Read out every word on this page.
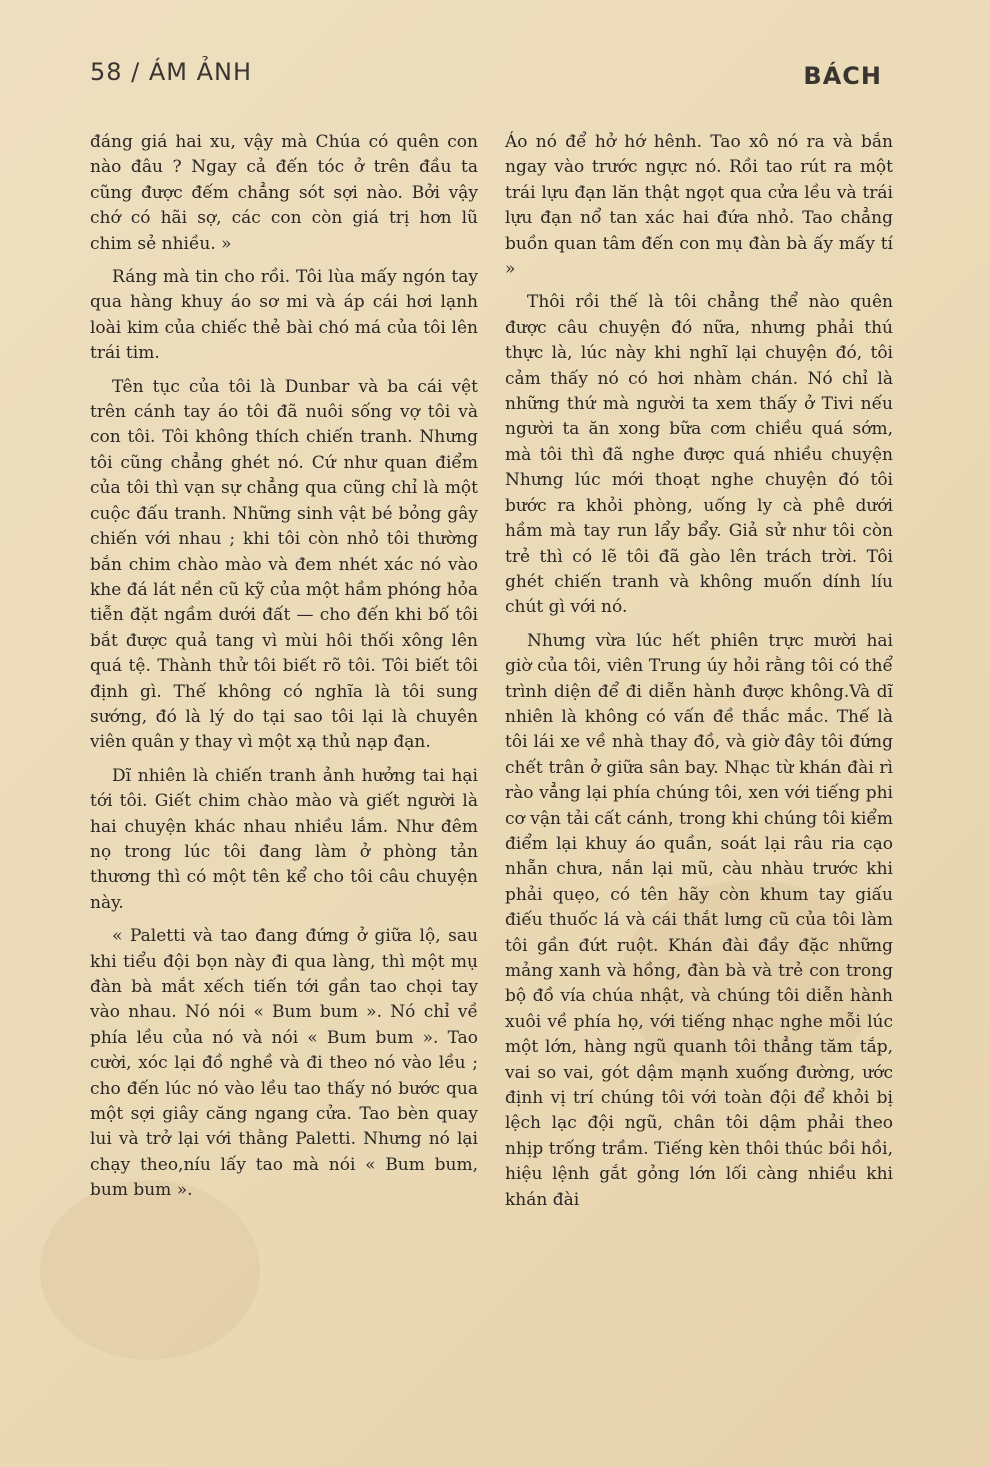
58 / ÁM ẢNH	BÁCH

đáng giá hai xu, vậy mà Chúa có quên con nào đâu ? Ngay cả đến tóc ở trên đầu ta cũng được đếm chẳng sót sợi nào. Bởi vậy chớ có hãi sợ, các con còn giá trị hơn lũ chim sẻ nhiều. »

Ráng mà tin cho rồi. Tôi lùa mấy ngón tay qua hàng khuy áo sơ mi và áp cái hơi lạnh loài kim của chiếc thẻ bài chó má của tôi lên trái tim.

Tên tục của tôi là Dunbar và ba cái vệt trên cánh tay áo tôi đã nuôi sống vợ tôi và con tôi. Tôi không thích chiến tranh. Nhưng tôi cũng chẳng ghét nó. Cứ như quan điểm của tôi thì vạn sự chẳng qua cũng chỉ là một cuộc đấu tranh. Những sinh vật bé bỏng gây chiến với nhau ; khi tôi còn nhỏ tôi thường bắn chim chào mào và đem nhét xác nó vào khe đá lát nền cũ kỹ của một hầm phóng hỏa tiễn đặt ngầm dưới đất — cho đến khi bố tôi bắt được quả tang vì mùi hôi thối xông lên quá tệ. Thành thử tôi biết rõ tôi. Tôi biết tôi định gì. Thế không có nghĩa là tôi sung sướng, đó là lý do tại sao tôi lại là chuyên viên quân y thay vì một xạ thủ nạp đạn.

Dĩ nhiên là chiến tranh ảnh hưởng tai hại tới tôi. Giết chim chào mào và giết người là hai chuyện khác nhau nhiều lắm. Như đêm nọ trong lúc tôi đang làm ở phòng tản thương thì có một tên kể cho tôi câu chuyện này.

« Paletti và tao đang đứng ở giữa lộ, sau khi tiểu đội bọn này đi qua làng, thì một mụ đàn bà mắt xếch tiến tới gần tao chọi tay vào nhau. Nó nói « Bum bum ». Nó chỉ về phía lều của nó và nói « Bum bum ». Tao cười, xóc lại đồ nghề và đi theo nó vào lều ; cho đến lúc nó vào lều tao thấy nó bước qua một sợi giây căng ngang cửa. Tao bèn quay lui và trở lại với thằng Paletti. Nhưng nó lại chạy theo,níu lấy tao mà nói « Bum bum, bum bum ».

Áo nó để hở hớ hênh. Tao xô nó ra và bắn ngay vào trước ngực nó. Rồi tao rút ra một trái lựu đạn lăn thật ngọt qua cửa lều và trái lựu đạn nổ tan xác hai đứa nhỏ. Tao chẳng buồn quan tâm đến con mụ đàn bà ấy mấy tí »

Thôi rồi thế là tôi chẳng thể nào quên được câu chuyện đó nữa, nhưng phải thú thực là, lúc này khi nghĩ lại chuyện đó, tôi cảm thấy nó có hơi nhàm chán. Nó chỉ là những thứ mà người ta xem thấy ở Tivi nếu người ta ăn xong bữa cơm chiều quá sớm, mà tôi thì đã nghe được quá nhiều chuyện Nhưng lúc mới thoạt nghe chuyện đó tôi bước ra khỏi phòng, uống ly cà phê dưới hầm mà tay run lẩy bẩy. Giả sử như tôi còn trẻ thì có lẽ tôi đã gào lên trách trời. Tôi ghét chiến tranh và không muốn dính líu chút gì với nó.

Nhưng vừa lúc hết phiên trực mười hai giờ của tôi, viên Trung úy hỏi rằng tôi có thể trình diện để đi diễn hành được không.Và dĩ nhiên là không có vấn đề thắc mắc. Thế là tôi lái xe về nhà thay đồ, và giờ đây tôi đứng chết trân ở giữa sân bay. Nhạc từ khán đài rì rào vẳng lại phía chúng tôi, xen với tiếng phi cơ vận tải cất cánh, trong khi chúng tôi kiểm điểm lại khuy áo quần, soát lại râu ria cạo nhẵn chưa, nắn lại mũ, càu nhàu trước khi phải quẹo, có tên hãy còn khum tay giấu điếu thuốc lá và cái thắt lưng cũ của tôi làm tôi gần đứt ruột. Khán đài đầy đặc những mảng xanh và hồng, đàn bà và trẻ con trong bộ đồ vía chúa nhật, và chúng tôi diễn hành xuôi về phía họ, với tiếng nhạc nghe mỗi lúc một lớn, hàng ngũ quanh tôi thẳng tăm tắp, vai so vai, gót dậm mạnh xuống đường, ước định vị trí chúng tôi với toàn đội để khỏi bị lệch lạc đội ngũ, chân tôi dậm phải theo nhịp trống trầm. Tiếng kèn thôi thúc bồi hồi, hiệu lệnh gắt gỏng lớn lối càng nhiều khi khán đài
